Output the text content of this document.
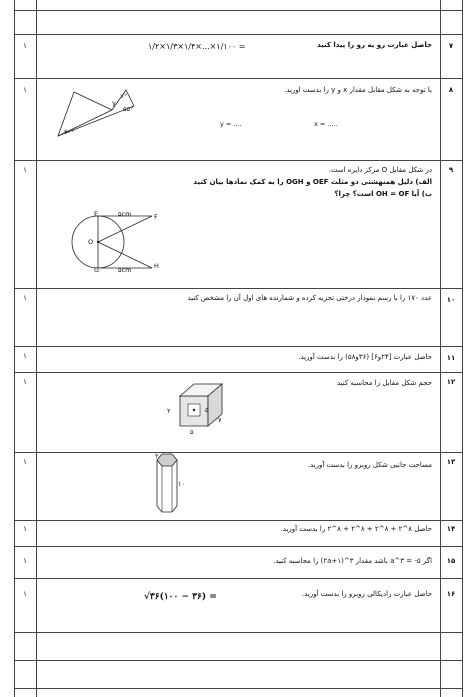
۷
۱	حاصل عبارت رو به رو را پیدا کنید
۱/۲×۱/۳×۱/۴×...×۱/۱۰۰ =
۸
۱	با توجه به شکل مقابل مقدار x و y را بدست اورید.
x°
y
۵۵°
۲۰°
y = ....	x = .....
۹
۱	در شکل مقابل O مرکز دایره است.
الف) دلیل همنهشتی دو مثلث OEF و OGH را به کمک نمادها بیان کنید
ب) آیا OH = OF است؟ چرا؟
E	F
O
G	H
۵cm
۵cm
۱۰
۱	عدد ۱۷۰ را با رسم نمودار درختی تجزیه کرده و شمارنده های اول آن را مشخص کنید
۱۱
۱	حاصل عبارت [۲۴و۶] (۳۶و۵۸) را بدست آورید.
۱۲
۱	حجم شکل مقابل را محاسبه کنید
۲	۵
۵
۷
۱۳
۱	مساحت جانبی شکل روبرو را بدست آورید.
۲
۱۰
۱۴
۱	حاصل ۸^۲ + ۸^۲ + ۸^۲ + ۸^۲ را بدست آورید.
۱۵
۱	اگر ۵- = ۳^a باشد مقدار ۳^(۲a+۱) را محاسبه کنید.
۱۶
۱	حاصل عبارت رادیکالی روبرو را بدست آورید.
√۳۶(۱۰۰ − ۳۶) =
